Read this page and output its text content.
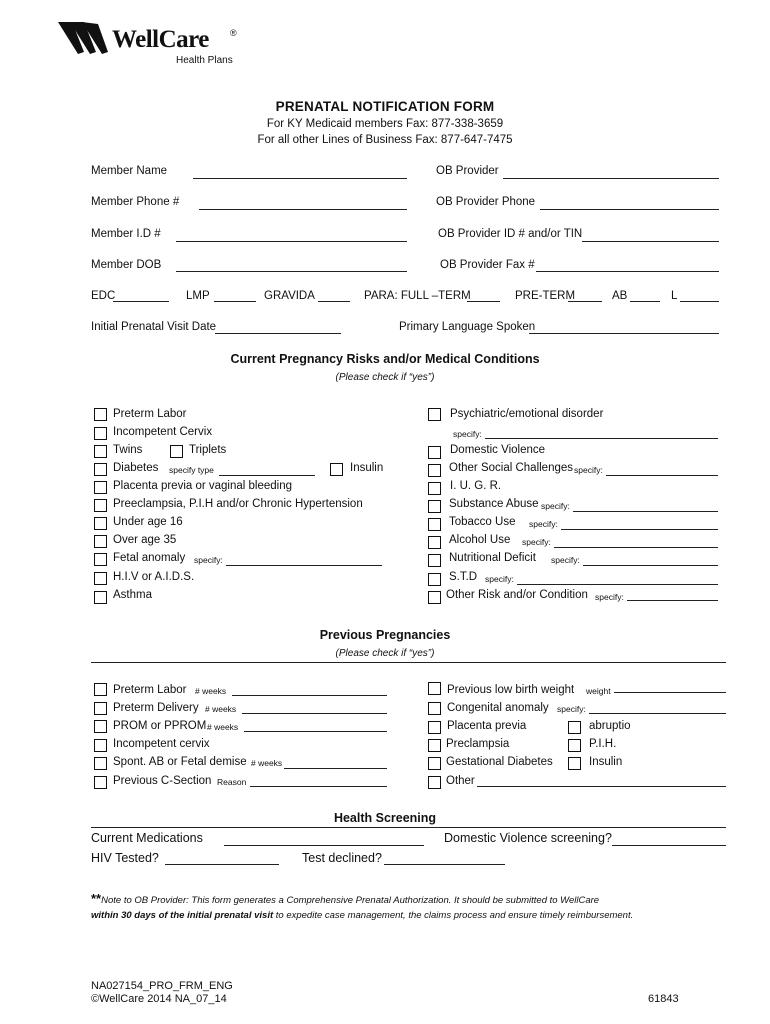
WellCare ®
Health Plans
PRENATAL NOTIFICATION FORM
For KY Medicaid members Fax: 877-338-3659
For all other Lines of Business Fax: 877-647-7475
Member Name	OB Provider
Member Phone #	OB Provider Phone
Member I.D #	OB Provider ID # and/or TIN
Member DOB	OB Provider Fax #
EDC	LMP	GRAVIDA	PARA: FULL –TERM	PRE-TERM	AB	L
Initial Prenatal Visit Date	Primary Language Spoken
Current Pregnancy Risks and/or Medical Conditions
(Please check if “yes”)
Preterm Labor
Incompetent Cervix
Twins	Triplets
Diabetes specify type	Insulin
Placenta previa or vaginal bleeding
Preeclampsia, P.I.H and/or Chronic Hypertension
Under age 16
Over age 35
Fetal anomaly specify:
H.I.V or A.I.D.S.
Asthma
Psychiatric/emotional disorder
specify:
Domestic Violence
Other Social Challenges specify:
I. U. G. R.
Substance Abuse specify:
Tobacco Use specify:
Alcohol Use specify:
Nutritional Deficit specify:
S.T.D specify:
Other Risk and/or Condition specify:
Previous Pregnancies
(Please check if “yes”)
Preterm Labor # weeks
Preterm Delivery # weeks
PROM or PPROM # weeks
Incompetent cervix
Spont. AB or Fetal demise # weeks
Previous C-Section Reason
Previous low birth weight weight
Congenital anomaly specify:
Placenta previa	abruptio
Preclampsia	P.I.H.
Gestational Diabetes	Insulin
Other
Health Screening
Current Medications	Domestic Violence screening?
HIV Tested?	Test declined?
**Note to OB Provider: This form generates a Comprehensive Prenatal Authorization. It should be submitted to WellCare
within 30 days of the initial prenatal visit to expedite case management, the claims process and ensure timely reimbursement.
NA027154_PRO_FRM_ENG
©WellCare 2014 NA_07_14	61843
